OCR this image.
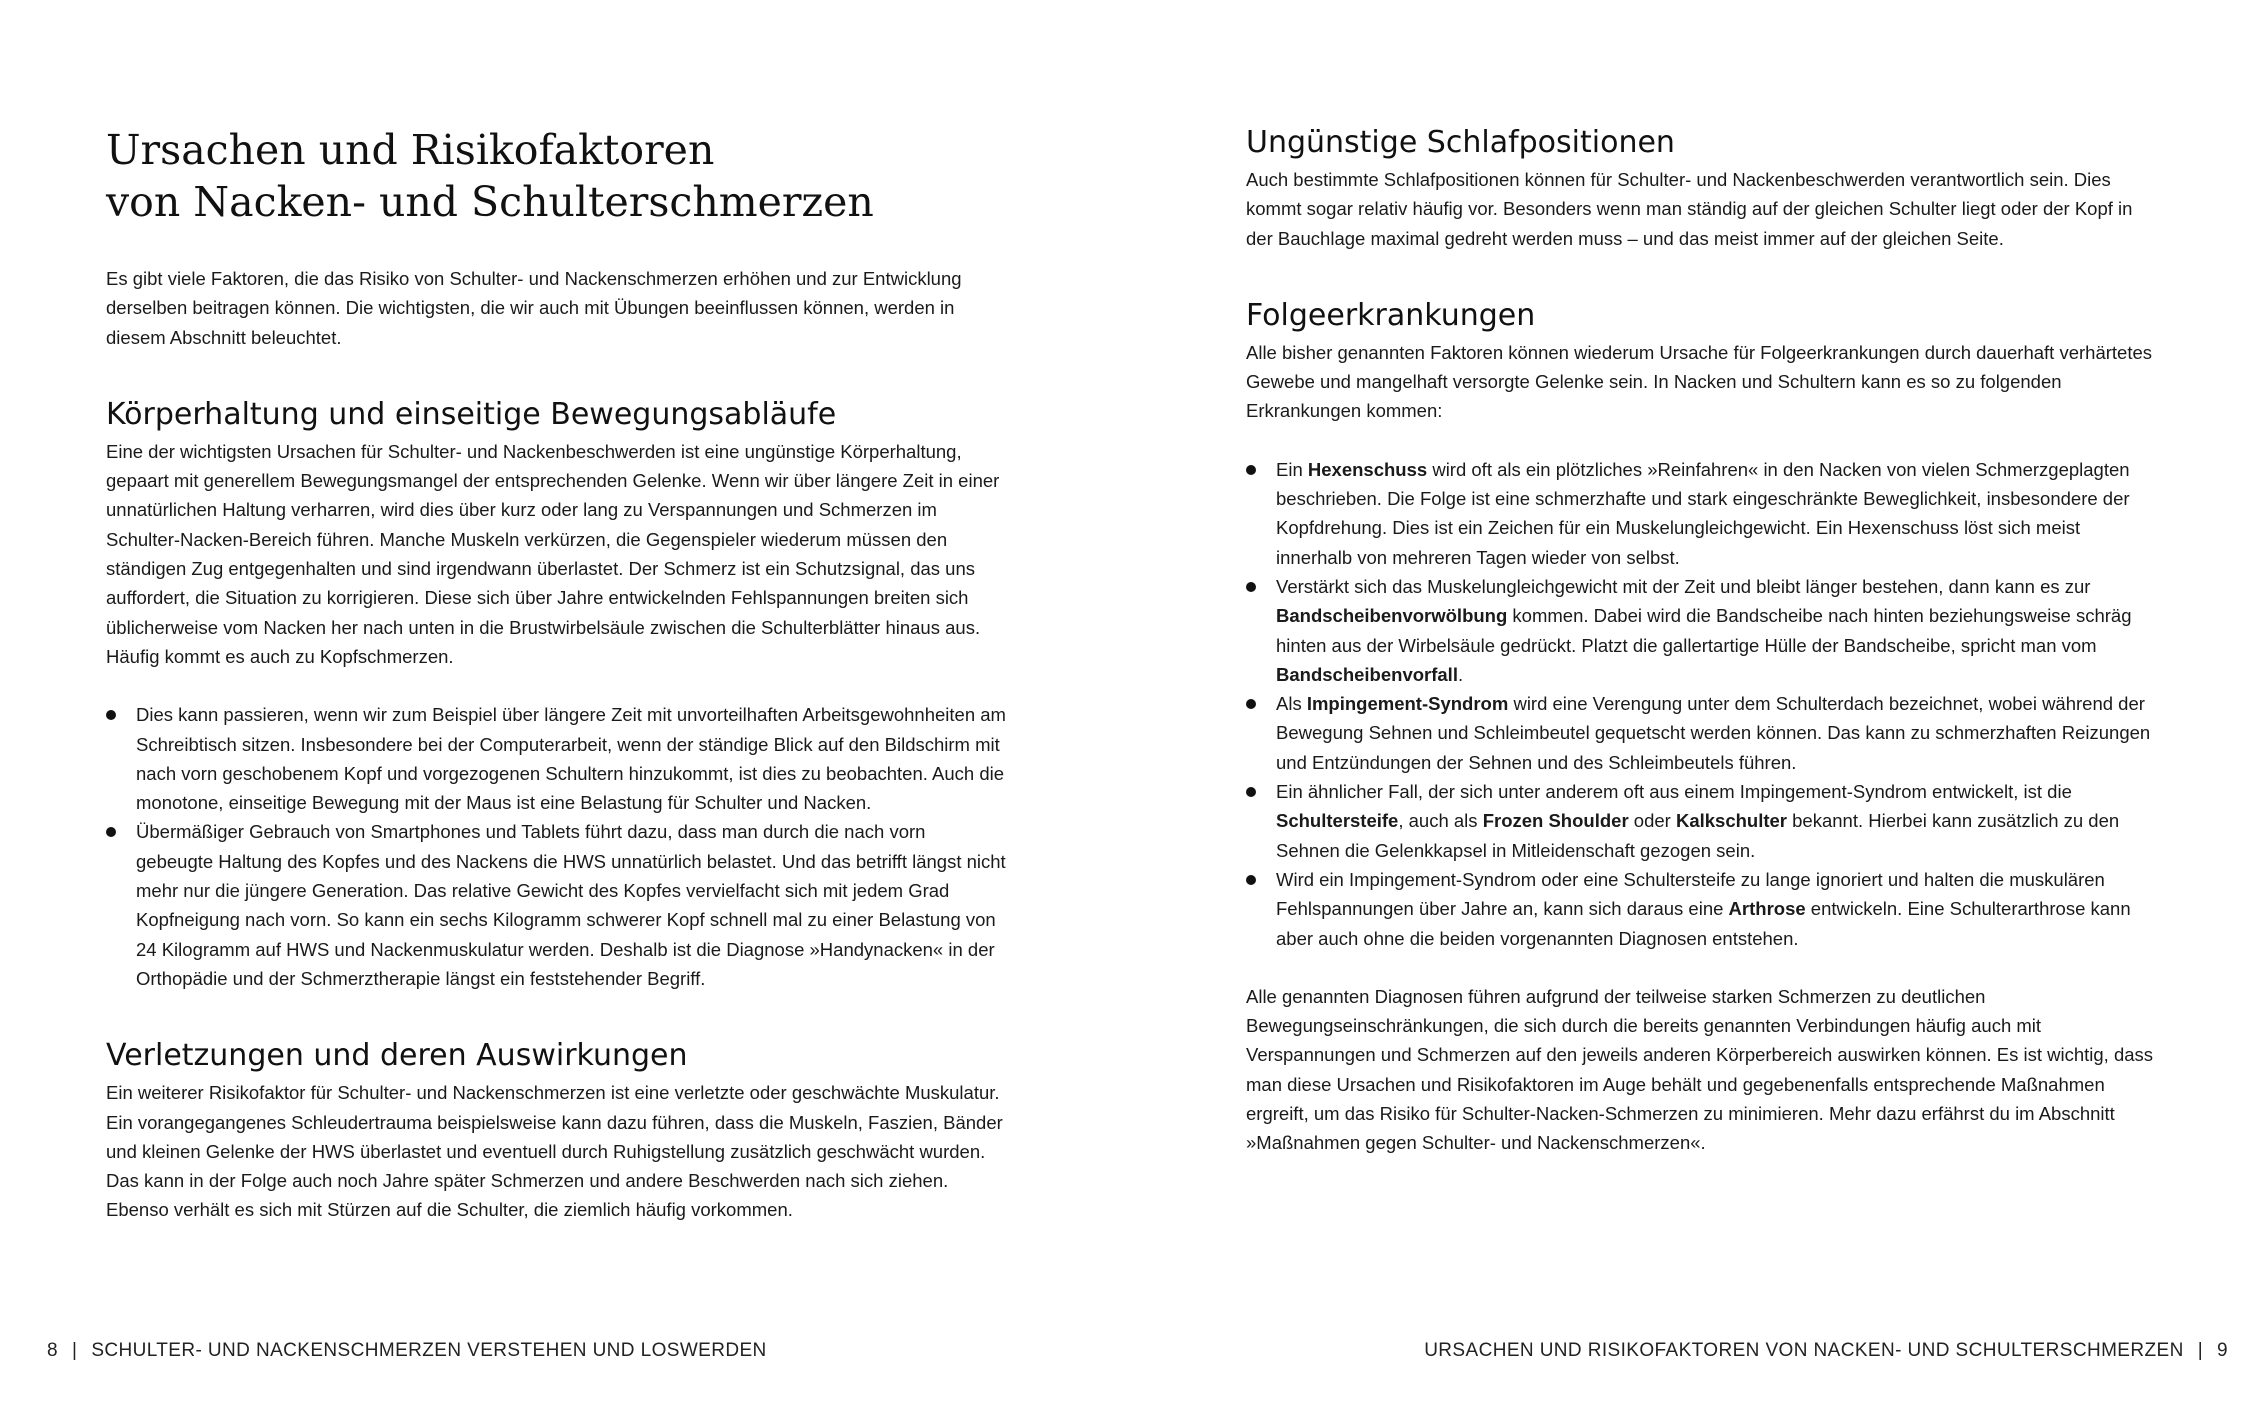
Ursachen und Risikofaktoren
von Nacken- und Schulterschmerzen

Es gibt viele Faktoren, die das Risiko von Schulter- und Nackenschmerzen erhöhen und zur Entwicklung derselben beitragen können. Die wichtigsten, die wir auch mit Übungen beeinflussen können, werden in diesem Abschnitt beleuchtet.

Körperhaltung und einseitige Bewegungsabläufe

Eine der wichtigsten Ursachen für Schulter- und Nackenbeschwerden ist eine ungünstige Körperhaltung, gepaart mit generellem Bewegungsmangel der entsprechenden Gelenke. Wenn wir über längere Zeit in einer unnatürlichen Haltung verharren, wird dies über kurz oder lang zu Verspannungen und Schmerzen im Schulter-Nacken-Bereich führen. Manche Muskeln verkürzen, die Gegenspieler wiederum müssen den ständigen Zug entgegenhalten und sind irgendwann überlastet. Der Schmerz ist ein Schutzsignal, das uns auffordert, die Situation zu korrigieren. Diese sich über Jahre entwickelnden Fehlspannungen breiten sich üblicherweise vom Nacken her nach unten in die Brustwirbelsäule zwischen die Schulterblätter hinaus aus. Häufig kommt es auch zu Kopfschmerzen.

Dies kann passieren, wenn wir zum Beispiel über längere Zeit mit unvorteilhaften Arbeitsgewohnheiten am Schreibtisch sitzen. Insbesondere bei der Computerarbeit, wenn der ständige Blick auf den Bildschirm mit nach vorn geschobenem Kopf und vorgezogenen Schultern hinzukommt, ist dies zu beobachten. Auch die monotone, einseitige Bewegung mit der Maus ist eine Belastung für Schulter und Nacken.
Übermäßiger Gebrauch von Smartphones und Tablets führt dazu, dass man durch die nach vorn gebeugte Haltung des Kopfes und des Nackens die HWS unnatürlich belastet. Und das betrifft längst nicht mehr nur die jüngere Generation. Das relative Gewicht des Kopfes vervielfacht sich mit jedem Grad Kopfneigung nach vorn. So kann ein sechs Kilogramm schwerer Kopf schnell mal zu einer Belastung von 24 Kilogramm auf HWS und Nackenmuskulatur werden. Deshalb ist die Diagnose »Handynacken« in der Orthopädie und der Schmerztherapie längst ein feststehender Begriff.
Verletzungen und deren Auswirkungen

Ein weiterer Risikofaktor für Schulter- und Nackenschmerzen ist eine verletzte oder geschwächte Muskulatur. Ein vorangegangenes Schleudertrauma beispielsweise kann dazu führen, dass die Muskeln, Faszien, Bänder und kleinen Gelenke der HWS überlastet und eventuell durch Ruhigstellung zusätzlich geschwächt wurden. Das kann in der Folge auch noch Jahre später Schmerzen und andere Beschwerden nach sich ziehen. Ebenso verhält es sich mit Stürzen auf die Schulter, die ziemlich häufig vorkommen.

8 | SCHULTER- UND NACKENSCHMERZEN VERSTEHEN UND LOSWERDEN
Ungünstige Schlafpositionen

Auch bestimmte Schlafpositionen können für Schulter- und Nackenbeschwerden verantwortlich sein. Dies kommt sogar relativ häufig vor. Besonders wenn man ständig auf der gleichen Schulter liegt oder der Kopf in der Bauchlage maximal gedreht werden muss – und das meist immer auf der gleichen Seite.

Folgeerkrankungen

Alle bisher genannten Faktoren können wiederum Ursache für Folgeerkrankungen durch dauerhaft verhärtetes Gewebe und mangelhaft versorgte Gelenke sein. In Nacken und Schultern kann es so zu folgenden Erkrankungen kommen:

Ein Hexenschuss wird oft als ein plötzliches »Reinfahren« in den Nacken von vielen Schmerzgeplagten beschrieben. Die Folge ist eine schmerzhafte und stark eingeschränkte Beweglichkeit, insbesondere der Kopfdrehung. Dies ist ein Zeichen für ein Muskelungleichgewicht. Ein Hexenschuss löst sich meist innerhalb von mehreren Tagen wieder von selbst.
Verstärkt sich das Muskelungleichgewicht mit der Zeit und bleibt länger bestehen, dann kann es zur Bandscheibenvorwölbung kommen. Dabei wird die Bandscheibe nach hinten beziehungsweise schräg hinten aus der Wirbelsäule gedrückt. Platzt die gallertartige Hülle der Bandscheibe, spricht man vom Bandscheibenvorfall.
Als Impingement-Syndrom wird eine Verengung unter dem Schulterdach bezeichnet, wobei während der Bewegung Sehnen und Schleimbeutel gequetscht werden können. Das kann zu schmerzhaften Reizungen und Entzündungen der Sehnen und des Schleimbeutels führen.
Ein ähnlicher Fall, der sich unter anderem oft aus einem Impingement-Syndrom entwickelt, ist die Schultersteife, auch als Frozen Shoulder oder Kalkschulter bekannt. Hierbei kann zusätzlich zu den Sehnen die Gelenkkapsel in Mitleidenschaft gezogen sein.
Wird ein Impingement-Syndrom oder eine Schultersteife zu lange ignoriert und halten die muskulären Fehlspannungen über Jahre an, kann sich daraus eine Arthrose entwickeln. Eine Schulterarthrose kann aber auch ohne die beiden vorgenannten Diagnosen entstehen.

Alle genannten Diagnosen führen aufgrund der teilweise starken Schmerzen zu deutlichen Bewegungseinschränkungen, die sich durch die bereits genannten Verbindungen häufig auch mit Verspannungen und Schmerzen auf den jeweils anderen Körperbereich auswirken können. Es ist wichtig, dass man diese Ursachen und Risikofaktoren im Auge behält und gegebenenfalls entsprechende Maßnahmen ergreift, um das Risiko für Schulter-Nacken-Schmerzen zu minimieren. Mehr dazu erfährst du im Abschnitt »Maßnahmen gegen Schulter- und Nackenschmerzen«.

URSACHEN UND RISIKOFAKTOREN VON NACKEN- UND SCHULTERSCHMERZEN | 9
